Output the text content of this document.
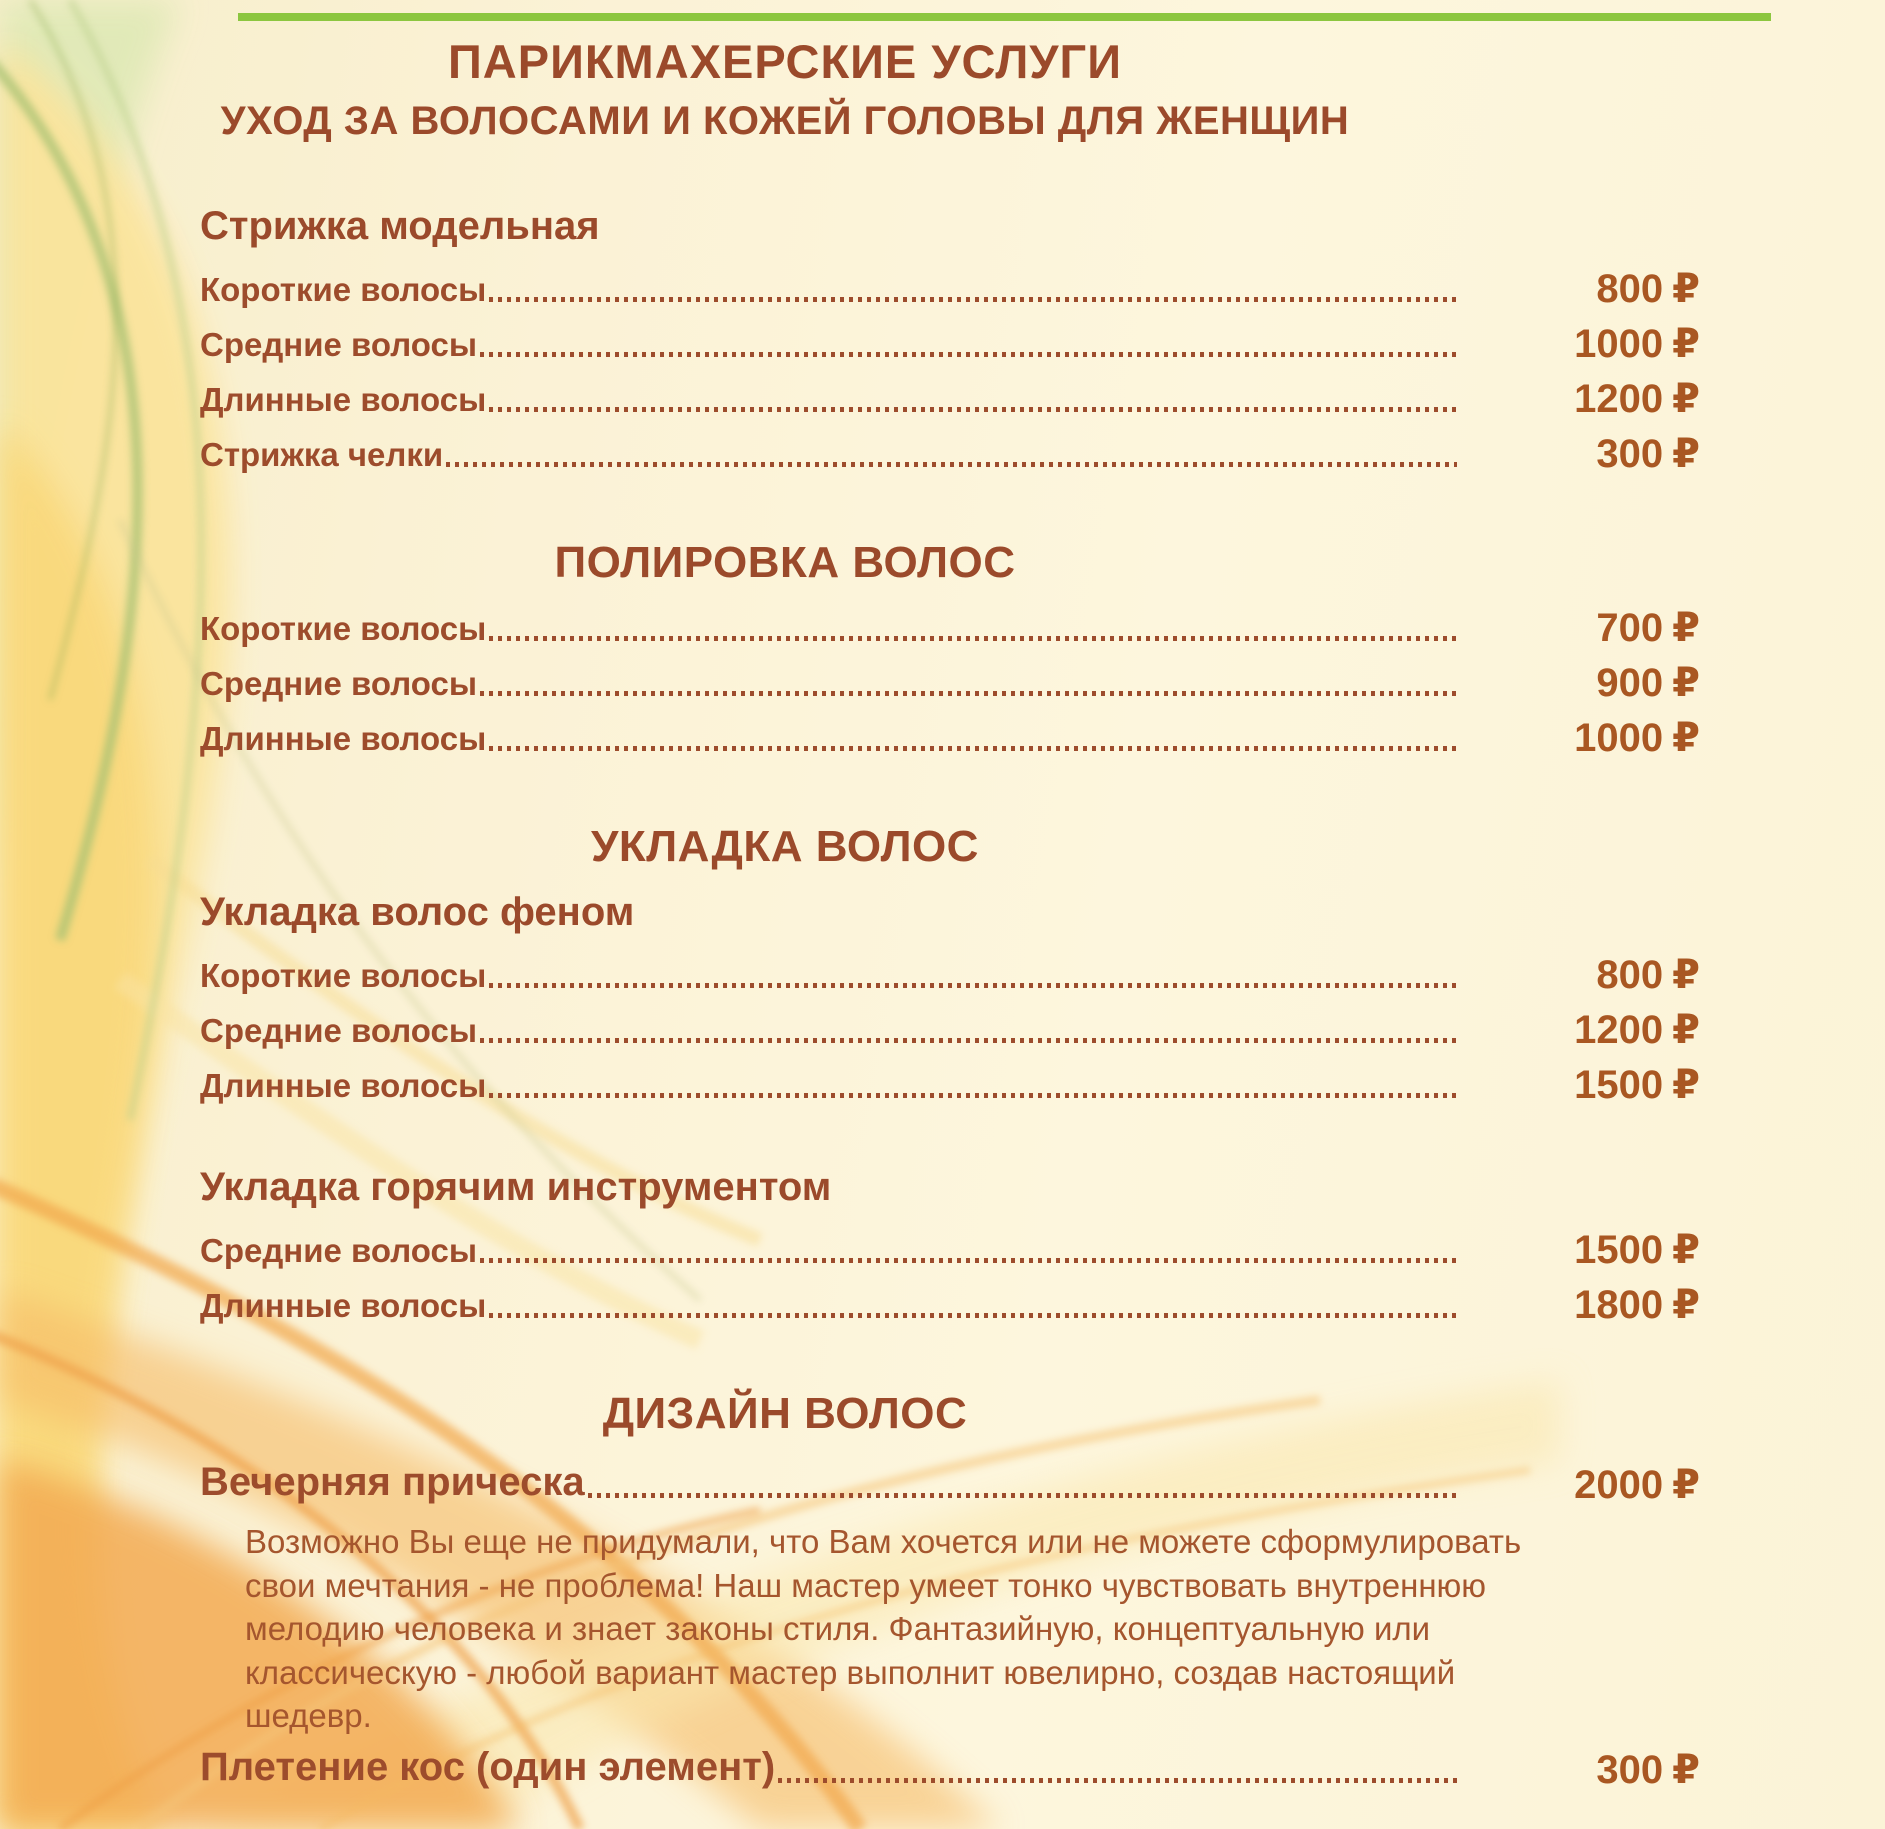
ПАРИКМАХЕРСКИЕ УСЛУГИ
УХОД ЗА ВОЛОСАМИ И КОЖЕЙ ГОЛОВЫ ДЛЯ ЖЕНЩИН
Стрижка модельная
Короткие волосы	800 ₽
Средние волосы	1000 ₽
Длинные волосы	1200 ₽
Стрижка челки	300 ₽
ПОЛИРОВКА ВОЛОС
Короткие волосы	700 ₽
Средние волосы	900 ₽
Длинные волосы	1000 ₽
УКЛАДКА ВОЛОС
Укладка волос феном
Короткие волосы	800 ₽
Средние волосы	1200 ₽
Длинные волосы	1500 ₽
Укладка горячим инструментом
Средние волосы	1500 ₽
Длинные волосы	1800 ₽
ДИЗАЙН ВОЛОС
Вечерняя прическа	2000 ₽

Возможно Вы еще не придумали, что Вам хочется или не можете сформулировать свои мечтания - не проблема! Наш мастер умеет тонко чувствовать внутреннюю мелодию человека и знает законы стиля. Фантазийную, концептуальную или классическую - любой вариант мастер выполнит ювелирно, создав настоящий шедевр.

Плетение кос (один элемент)	300 ₽
